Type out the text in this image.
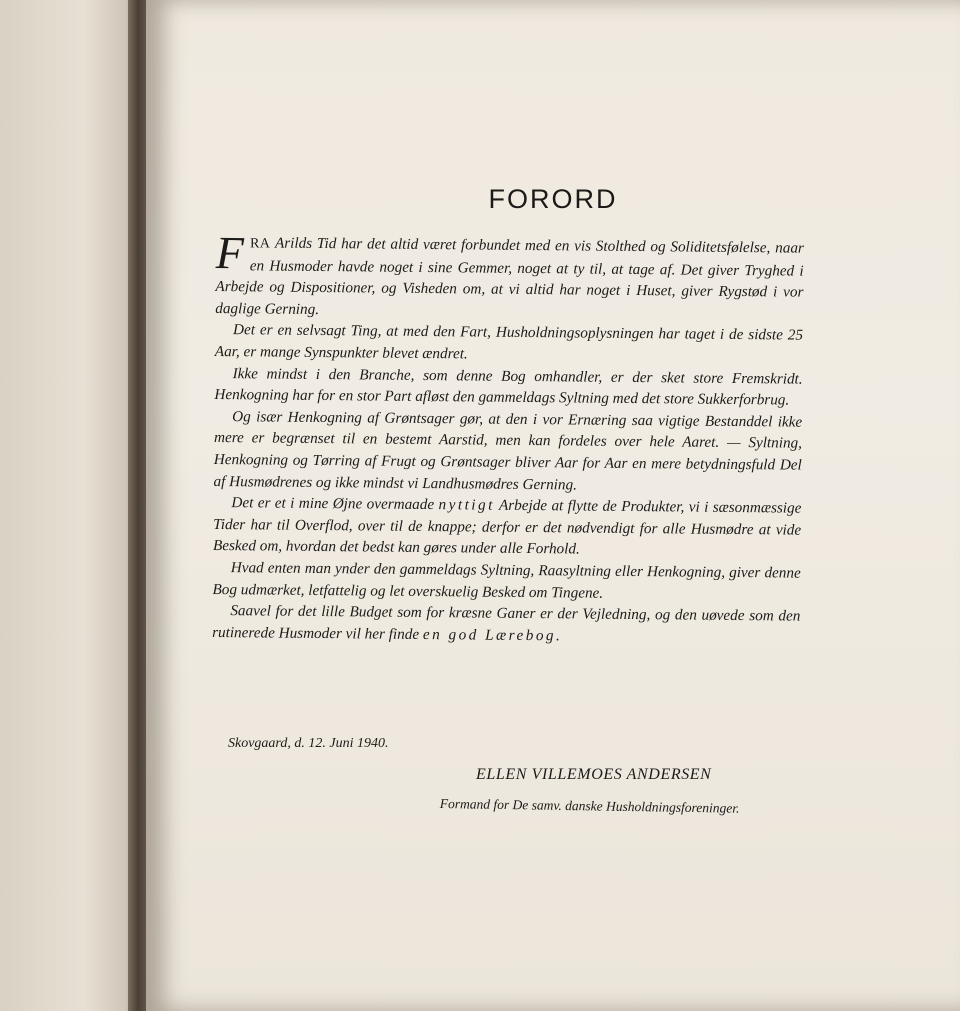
FORORD

FRA Arilds Tid har det altid været forbundet med en vis Stolthed og Soliditetsfølelse, naar en Husmoder havde noget i sine Gemmer, noget at ty til, at tage af. Det giver Tryghed i Arbejde og Dispositioner, og Visheden om, at vi altid har noget i Huset, giver Rygstød i vor daglige Gerning.

Det er en selvsagt Ting, at med den Fart, Husholdningsoplysningen har taget i de sidste 25 Aar, er mange Synspunkter blevet ændret.

Ikke mindst i den Branche, som denne Bog omhandler, er der sket store Fremskridt. Henkogning har for en stor Part afløst den gammeldags Syltning med det store Sukkerforbrug.

Og især Henkogning af Grøntsager gør, at den i vor Ernæring saa vigtige Bestanddel ikke mere er begrænset til en bestemt Aarstid, men kan fordeles over hele Aaret. — Syltning, Henkogning og Tørring af Frugt og Grøntsager bliver Aar for Aar en mere betydningsfuld Del af Husmødrenes og ikke mindst vi Landhusmødres Gerning.

Det er et i mine Øjne overmaade nyttigt Arbejde at flytte de Produkter, vi i sæsonmæssige Tider har til Overflod, over til de knappe; derfor er det nødvendigt for alle Husmødre at vide Besked om, hvordan det bedst kan gøres under alle Forhold.

Hvad enten man ynder den gammeldags Syltning, Raasyltning eller Henkogning, giver denne Bog udmærket, letfattelig og let overskuelig Besked om Tingene.

Saavel for det lille Budget som for kræsne Ganer er der Vejledning, og den uøvede som den rutinerede Husmoder vil her finde en god Lærebog.

Skovgaard, d. 12. Juni 1940.
ELLEN VILLEMOES ANDERSEN
Formand for De samv. danske Husholdningsforeninger.
